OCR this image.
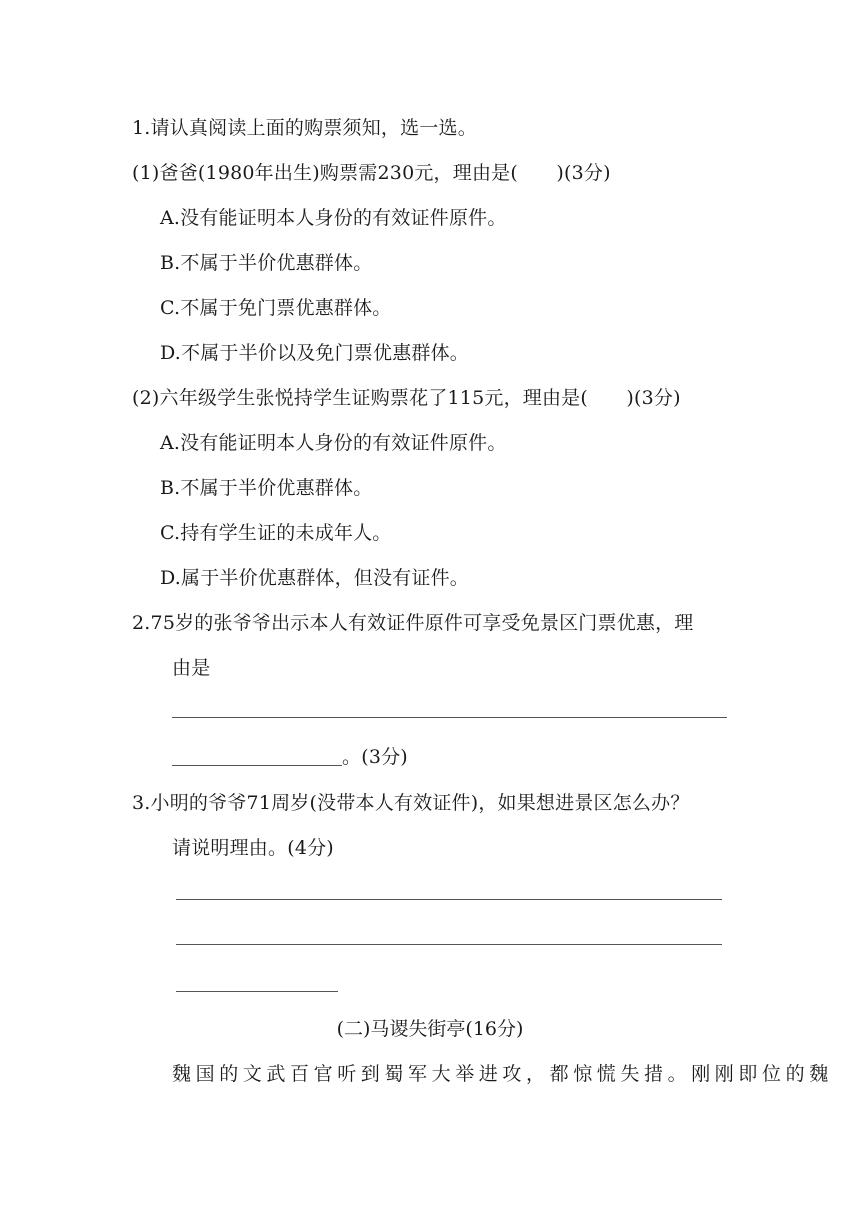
1.请认真阅读上面的购票须知，选一选。
(1)爸爸(1980年出生)购票需230元，理由是(　　)(3分)
A.没有能证明本人身份的有效证件原件。
B.不属于半价优惠群体。
C.不属于免门票优惠群体。
D.不属于半价以及免门票优惠群体。
(2)六年级学生张悦持学生证购票花了115元，理由是(　　)(3分)
A.没有能证明本人身份的有效证件原件。
B.不属于半价优惠群体。
C.持有学生证的未成年人。
D.属于半价优惠群体，但没有证件。
2.75岁的张爷爷出示本人有效证件原件可享受免景区门票优惠，理
由是
。(3分)
3.小明的爷爷71周岁(没带本人有效证件)，如果想进景区怎么办？
请说明理由。(4分)
(二)马谡失街亭(16分)
魏国的文武百官听到蜀军大举进攻，都惊慌失措。刚刚即位的魏
